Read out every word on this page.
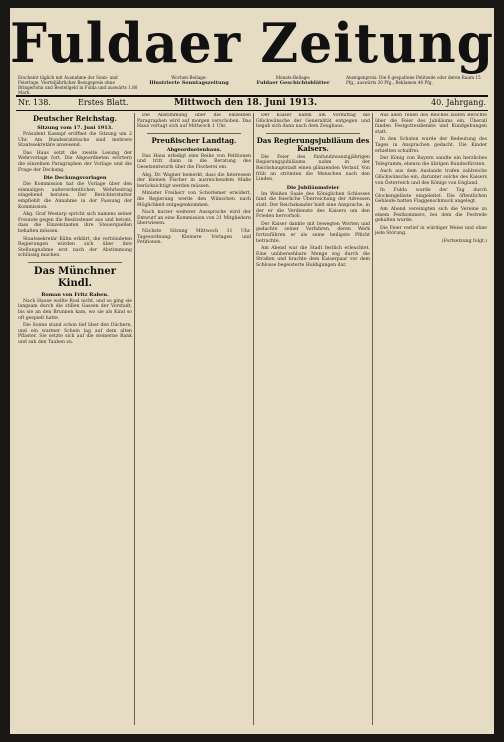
Fuldaer Zeitung
Erscheint täglich mit Ausnahme der Sonn- und Feiertage. Vierteljährlicher Bezugspreis ohne Bringerlohn und Bestellgeld in Fulda und auswärts 1,80 Mark.
Wochen-Beilage:
Illustrierte Sonntagszeitung
Monats-Beilage:
Fuldaer Geschichtsblätter
Anzeigenpreis: Die 6 gespaltene Petitzeile oder deren Raum 15 Pfg., auswärts 20 Pfg., Reklamen 40 Pfg.
Nr. 138.	Erstes Blatt.	Mittwoch den 18. Juni 1913.	40. Jahrgang.
Deutscher Reichstag.
Sitzung vom 17. Juni 1913.

Präsident Kaempf eröffnet die Sitzung um 2 Uhr. Am Bundesratstische sind mehrere Staatssekretäre anwesend.

Das Haus setzt die zweite Lesung der Wehrvorlage fort. Die Abgeordneten erörtern die einzelnen Paragraphen der Vorlage und die Frage der Deckung.

Die Deckungsvorlagen

Die Kommission hat die Vorlage über den einmaligen außerordentlichen Wehrbeitrag eingehend beraten. Der Berichterstatter empfiehlt die Annahme in der Fassung der Kommission.

Abg. Graf Westarp spricht sich namens seiner Freunde gegen die Besitzsteuer aus und betont, dass die Einzelstaaten ihre Steuerquellen behalten müssen.

Staatssekretär Kühn erklärt, die verbündeten Regierungen würden sich über ihre Stellungnahme erst nach der Abstimmung schlüssig machen.

Das Münchner Kindl.
Roman von Fritz Raben.

Nach Hause wollte Rosl nicht, und so ging sie langsam durch die stillen Gassen der Vorstadt, bis sie an den Brunnen kam, wo sie als Kind so oft gespielt hatte.

Die Sonne stand schon tief über den Dächern, und ein warmer Schein lag auf dem alten Pflaster. Sie setzte sich auf die steinerne Bank und sah den Tauben zu.

Die Abstimmung über die einzelnen Paragraphen wird auf morgen verschoben. Das Haus vertagt sich auf Mittwoch 1 Uhr.

Preußischer Landtag.
Abgeordnetenhaus.

Das Haus erledigt eine Reihe von Petitionen und tritt dann in die Beratung des Gesetzentwurfs über die Fischerei ein.

Abg. Dr. Wagner bemerkt, dass die Interessen der kleinen Fischer in ausreichendem Maße berücksichtigt werden müssen.

Minister Freiherr von Schorlemer erwidert, die Regierung werde den Wünschen nach Möglichkeit entgegenkommen.

Nach kurzer weiterer Aussprache wird der Entwurf an eine Kommission von 21 Mitgliedern überwiesen.

Nächste Sitzung Mittwoch 11 Uhr. Tagesordnung: Kleinere Vorlagen und Petitionen.

Der Kaiser nahm am Vormittag die Glückwünsche der Generalität entgegen und begab sich dann nach dem Zeughaus.

Das Regierungsjubiläum des Kaisers.

Die Feier des fünfundzwanzigjährigen Regierungsjubiläums nahm in der Reichshauptstadt einen glänzenden Verlauf. Von früh an strömten die Menschen nach den Linden.

Die Jubiläumsfeier

Im Weißen Saale des Königlichen Schlosses fand die feierliche Überreichung der Adressen statt. Der Reichskanzler hielt eine Ansprache, in der er die Verdienste des Kaisers um den Frieden hervorhob.

Der Kaiser dankte mit bewegten Worten und gedachte seiner Vorfahren, deren Werk fortzuführen er als seine heiligste Pflicht betrachte.

Am Abend war die Stadt festlich erleuchtet. Eine unübersehbare Menge zog durch die Straßen und brachte dem Kaiserpaar vor dem Schlosse begeisterte Huldigungen dar.

Aus allen Teilen des Reiches laufen Berichte über die Feier des Jubiläums ein. Überall fanden Festgottesdienste und Kundgebungen statt.

In den Schulen wurde der Bedeutung des Tages in Ansprachen gedacht. Die Kinder erhielten schulfrei.

Der König von Bayern sandte ein herzliches Telegramm, ebenso die übrigen Bundesfürsten.

Auch aus dem Auslande trafen zahlreiche Glückwünsche ein, darunter solche des Kaisers von Österreich und des Königs von England.

In Fulda wurde der Tag durch Glockengeläute eingeleitet. Die öffentlichen Gebäude hatten Flaggenschmuck angelegt.

Am Abend vereinigten sich die Vereine zu einem Festkommers, bei dem die Festrede gehalten wurde.

Die Feier verlief in würdiger Weise und ohne jede Störung.

(Fortsetzung folgt.)
